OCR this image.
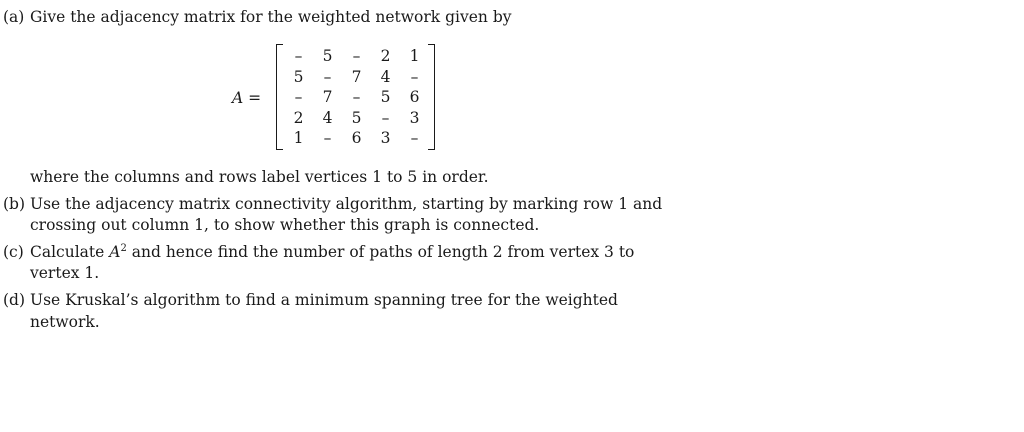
(a) Give the adjacency matrix for the weighted network given by
A =
–	5	–	2	1
5	–	7	4	–
–	7	–	5	6
2	4	5	–	3
1	–	6	3	–
where the columns and rows label vertices 1 to 5 in order.
(b) Use the adjacency matrix connectivity algorithm, starting by marking row 1 and
crossing out column 1, to show whether this graph is connected.
(c) Calculate $A^2$ and hence find the number of paths of length 2 from vertex 3 to
vertex 1.
(d) Use Kruskal’s algorithm to find a minimum spanning tree for the weighted
network.
